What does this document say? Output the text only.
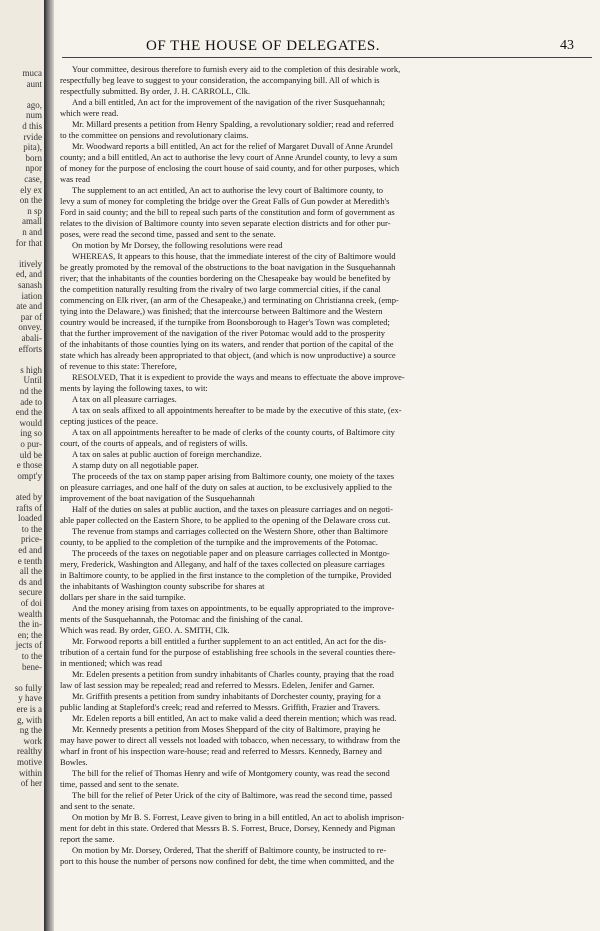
muca
aunt
ago,
num
d this
rvide
pita),
born
npor
case,
ely ex
on the
n sp
amall
n and
for that
itively
ed, and
sanash
iation
ate and
par of
onvey.
abali-
efforts
s high
Until
nd the
ade to
end the
would
ing so
o pur-
uld be
e those
ompt'y
ated by
rafts of
loaded
to the
price-
ed and
e tenth
all the
ds and
secure
of doi
wealth
the in-
en; the
jects of
to the
bene-
so fully
y have
ere is a
g, with
ng the
work
realthy
motive
within
of her
OF THE HOUSE OF DELEGATES.	43
Your committee, desirous therefore to furnish every aid to the completion of this desirable work,
respectfully beg leave to suggest to your consideration, the accompanying bill. All of which is
respectfully submitted. By order, J. H. CARROLL, Clk.
And a bill entitled, An act for the improvement of the navigation of the river Susquehannah;
which were read.
Mr. Millard presents a petition from Henry Spalding, a revolutionary soldier; read and referred
to the committee on pensions and revolutionary claims.
Mr. Woodward reports a bill entitled, An act for the relief of Margaret Duvall of Anne Arundel
county; and a bill entitled, An act to authorise the levy court of Anne Arundel county, to levy a sum
of money for the purpose of enclosing the court house of said county, and for other purposes, which
was read
The supplement to an act entitled, An act to authorise the levy court of Baltimore county, to
levy a sum of money for completing the bridge over the Great Falls of Gun powder at Meredith's
Ford in said county; and the bill to repeal such parts of the constitution and form of government as
relates to the division of Baltimore county into seven separate election districts and for other pur-
poses, were read the second time, passed and sent to the senate.
On motion by Mr Dorsey, the following resolutions were read
WHEREAS, It appears to this house, that the immediate interest of the city of Baltimore would
be greatly promoted by the removal of the obstructions to the boat navigation in the Susquehannah
river; that the inhabitants of the counties bordering on the Chesapeake bay would be benefited by
the competition naturally resulting from the rivalry of two large commercial cities, if the canal
commencing on Elk river, (an arm of the Chesapeake,) and terminating on Christianna creek, (emp-
tying into the Delaware,) was finished; that the intercourse between Baltimore and the Western
country would be increased, if the turnpike from Boonsborough to Hager's Town was completed;
that the further improvement of the navigation of the river Potomac would add to the prosperity
of the inhabitants of those counties lying on its waters, and render that portion of the capital of the
state which has already been appropriated to that object, (and which is now unproductive) a source
of revenue to this state: Therefore,
RESOLVED, That it is expedient to provide the ways and means to effectuate the above improve-
ments by laying the following taxes, to wit:
A tax on all pleasure carriages.
A tax on seals affixed to all appointments hereafter to be made by the executive of this state, (ex-
cepting justices of the peace.
A tax on all appointments hereafter to be made of clerks of the county courts, of Baltimore city
court, of the courts of appeals, and of registers of wills.
A tax on sales at public auction of foreign merchandize.
A stamp duty on all negotiable paper.
The proceeds of the tax on stamp paper arising from Baltimore county, one moiety of the taxes
on pleasure carriages, and one half of the duty on sales at auction, to be exclusively applied to the
improvement of the boat navigation of the Susquehannah
Half of the duties on sales at public auction, and the taxes on pleasure carriages and on negoti-
able paper collected on the Eastern Shore, to be applied to the opening of the Delaware cross cut.
The revenue from stamps and carriages collected on the Western Shore, other than Baltimore
county, to be applied to the completion of the turnpike and the improvements of the Potomac.
The proceeds of the taxes on negotiable paper and on pleasure carriages collected in Montgo-
mery, Frederick, Washington and Allegany, and half of the taxes collected on pleasure carriages
in Baltimore county, to be applied in the first instance to the completion of the turnpike, Provided
the inhabitants of Washington county subscribe for shares at
dollars per share in the said turnpike.
And the money arising from taxes on appointments, to be equally appropriated to the improve-
ments of the Susquehannah, the Potomac and the finishing of the canal.
Which was read. By order, GEO. A. SMITH, Clk.
Mr. Forwood reports a bill entitled a further supplement to an act entitled, An act for the dis-
tribution of a certain fund for the purpose of establishing free schools in the several counties there-
in mentioned; which was read
Mr. Edelen presents a petition from sundry inhabitants of Charles county, praying that the road
law of last session may be repealed; read and referred to Messrs. Edelen, Jenifer and Garner.
Mr. Griffith presents a petition from sundry inhabitants of Dorchester county, praying for a
public landing at Stapleford's creek; read and referred to Messrs. Griffith, Frazier and Travers.
Mr. Edelen reports a bill entitled, An act to make valid a deed therein mention; which was read.
Mr. Kennedy presents a petition from Moses Sheppard of the city of Baltimore, praying he
may have power to direct all vessels not loaded with tobacco, when necessary, to withdraw from the
wharf in front of his inspection ware-house; read and referred to Messrs. Kennedy, Barney and
Bowles.
The bill for the relief of Thomas Henry and wife of Montgomery county, was read the second
time, passed and sent to the senate.
The bill for the relief of Peter Urick of the city of Baltimore, was read the second time, passed
and sent to the senate.
On motion by Mr B. S. Forrest, Leave given to bring in a bill entitled, An act to abolish imprison-
ment for debt in this state. Ordered that Messrs B. S. Forrest, Bruce, Dorsey, Kennedy and Pigman
report the same.
On motion by Mr. Dorsey, Ordered, That the sheriff of Baltimore county, be instructed to re-
port to this house the number of persons now confined for debt, the time when committed, and the
